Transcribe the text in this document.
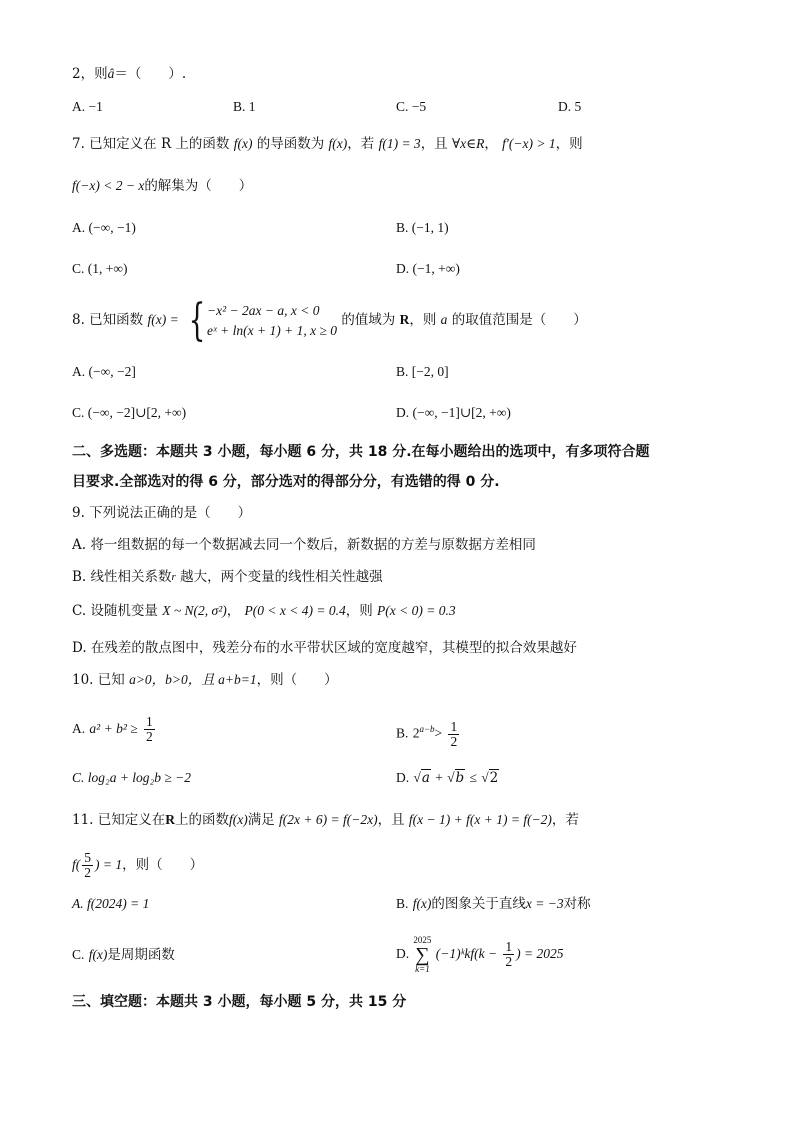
2，则â＝（　　）.
A. −1	B. 1	C. −5	D. 5
7. 已知定义在 R 上的函数 f(x) 的导函数为 f(x)，若 f(1) = 3，且 ∀x∈R， f′(−x) > 1，则
f(−x) < 2 − x的解集为（　　）
A. (−∞, −1)	B. (−1, 1)
C. (1, +∞)	D. (−1, +∞)
8. 已知函数 f(x) = { −x² − 2ax − a, x < 0
eˣ + ln(x + 1) + 1, x ≥ 0
的值域为 R，则 a 的取值范围是（　　）
A. (−∞, −2]	B. [−2, 0]
C. (−∞, −2]∪[2, +∞)	D. (−∞, −1]∪[2, +∞)
二、多选题：本题共 3 小题，每小题 6 分，共 18 分.在每小题给出的选项中，有多项符合题
目要求.全部选对的得 6 分，部分选对的得部分分，有选错的得 0 分.
9. 下列说法正确的是（　　）
A. 将一组数据的每一个数据减去同一个数后，新数据的方差与原数据方差相同
B. 线性相关系数$^r$ 越大，两个变量的线性相关性越强
C. 设随机变量 X ~ N(2, σ²)， P(0 < x < 4) = 0.4，则 P(x < 0) = 0.3
D. 在残差的散点图中，残差分布的水平带状区域的宽度越窄，其模型的拟合效果越好
10. 已知 a>0，b>0，且 a+b=1，则（　　）
A. $a^2 + b^2 \ge \frac{1}{2}$	B. $2^{a-b}> \frac{1}{2}$
C. log₂a + log₂b ≥ −2	D. √a + √b ≤ √2
11. 已知定义在R上的函数f(x)满足 f(2x + 6) = f(−2x)，且 f(x − 1) + f(x + 1) = f(−2)，若
$f( \frac{5}{2}$ ) = 1，则（　　）
A. f(2024) = 1	B. f(x)的图象关于直线x = −3对称
C. f(x)是周期函数	D.
2025
∑
k=1
(−1)ᵏkf(k − $\frac{1}{2}$ ) = 2025
三、填空题：本题共 3 小题，每小题 5 分，共 15 分
